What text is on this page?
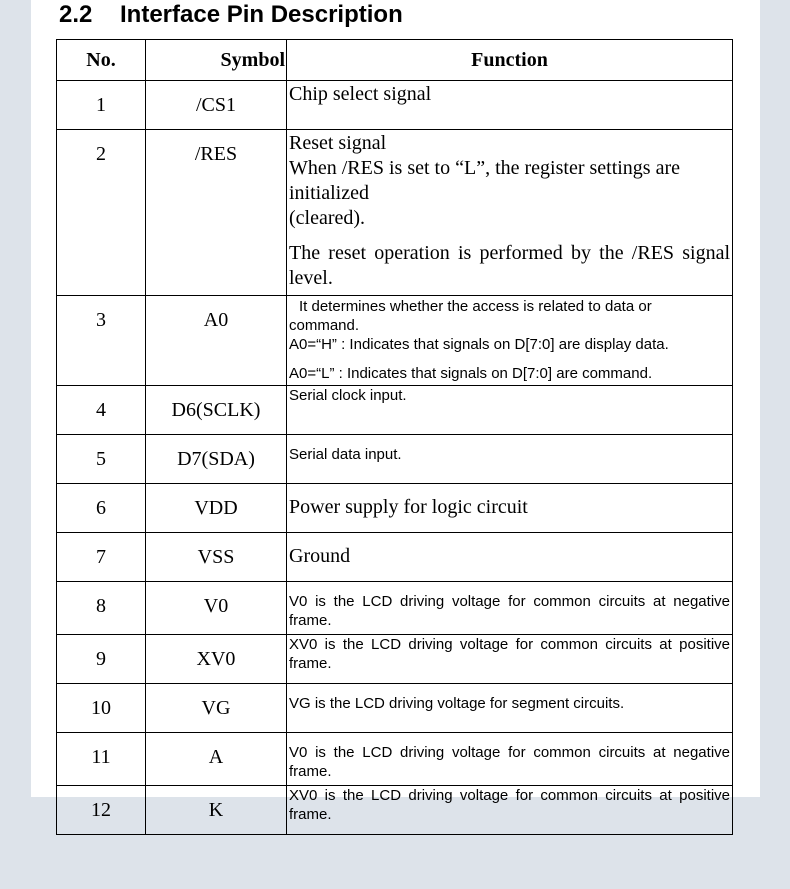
2.2 Interface Pin Description
No.	Symbol	Function
1	/CS1	Chip select signal

2	/RES	Reset signal
When /RES is set to “L”, the register settings are initialized
(cleared).
The reset operation is performed by the /RES signal level.

3	A0	It determines whether the access is related to data or command.
A0=“H” : Indicates that signals on D[7:0] are display data.
A0=“L” : Indicates that signals on D[7:0] are command.

4	D6(SCLK)	Serial clock input.

5	D7(SDA)	Serial data input.

6	VDD	Power supply for logic circuit

7	VSS	Ground

8	V0	V0 is the LCD driving voltage for common circuits at negative frame.

9	XV0	XV0 is the LCD driving voltage for common circuits at positive frame.

10	VG	VG is the LCD driving voltage for segment circuits.

11	A	V0 is the LCD driving voltage for common circuits at negative frame.

12	K	XV0 is the LCD driving voltage for common circuits at positive frame.
